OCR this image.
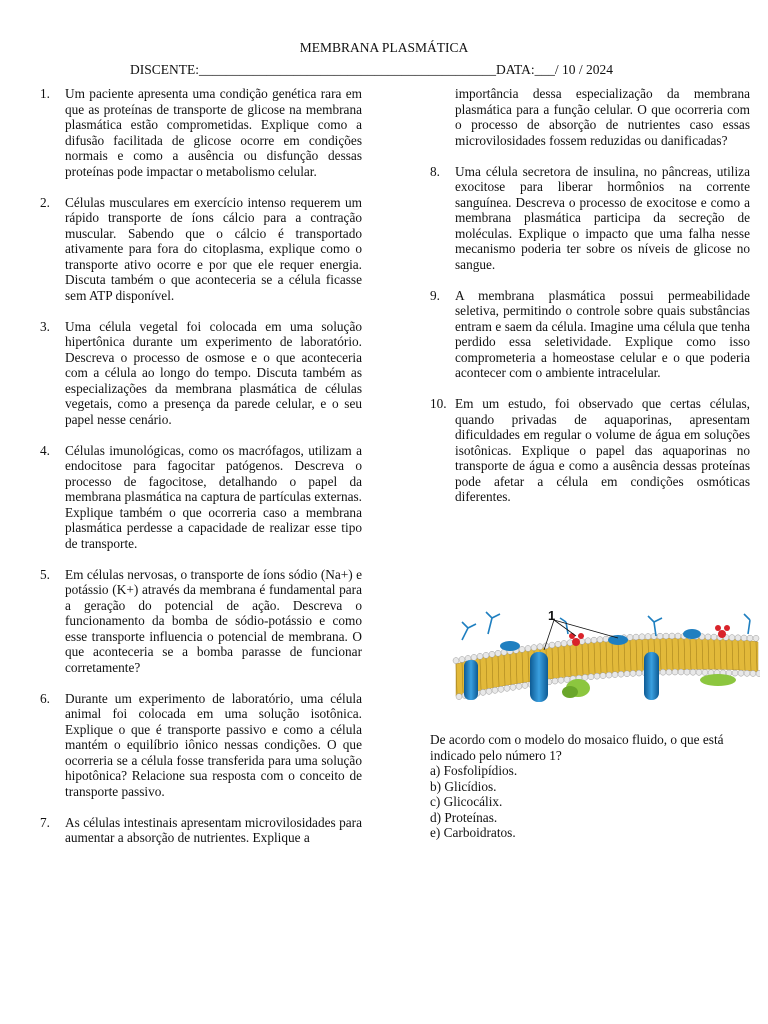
MEMBRANA PLASMÁTICA
DISCENTE:____________________________________________DATA:___/ 10 / 2024

1. Um paciente apresenta uma condição genética rara em que as proteínas de transporte de glicose na membrana plasmática estão comprometidas. Explique como a difusão facilitada de glicose ocorre em condições normais e como a ausência ou disfunção dessas proteínas pode impactar o metabolismo celular.

2. Células musculares em exercício intenso requerem um rápido transporte de íons cálcio para a contração muscular. Sabendo que o cálcio é transportado ativamente para fora do citoplasma, explique como o transporte ativo ocorre e por que ele requer energia. Discuta também o que aconteceria se a célula ficasse sem ATP disponível.

3. Uma célula vegetal foi colocada em uma solução hipertônica durante um experimento de laboratório. Descreva o processo de osmose e o que aconteceria com a célula ao longo do tempo. Discuta também as especializações da membrana plasmática de células vegetais, como a presença da parede celular, e o seu papel nesse cenário.

4. Células imunológicas, como os macrófagos, utilizam a endocitose para fagocitar patógenos. Descreva o processo de fagocitose, detalhando o papel da membrana plasmática na captura de partículas externas. Explique também o que ocorreria caso a membrana plasmática perdesse a capacidade de realizar esse tipo de transporte.

5. Em células nervosas, o transporte de íons sódio (Na+) e potássio (K+) através da membrana é fundamental para a geração do potencial de ação. Descreva o funcionamento da bomba de sódio-potássio e como esse transporte influencia o potencial de membrana. O que aconteceria se a bomba parasse de funcionar corretamente?

6. Durante um experimento de laboratório, uma célula animal foi colocada em uma solução isotônica. Explique o que é transporte passivo e como a célula mantém o equilíbrio iônico nessas condições. O que ocorreria se a célula fosse transferida para uma solução hipotônica? Relacione sua resposta com o conceito de transporte passivo.

7. As células intestinais apresentam microvilosidades para aumentar a absorção de nutrientes. Explique a

importância dessa especialização da membrana plasmática para a função celular. O que ocorreria com o processo de absorção de nutrientes caso essas microvilosidades fossem reduzidas ou danificadas?

8. Uma célula secretora de insulina, no pâncreas, utiliza exocitose para liberar hormônios na corrente sanguínea. Descreva o processo de exocitose e como a membrana plasmática participa da secreção de moléculas. Explique o impacto que uma falha nesse mecanismo poderia ter sobre os níveis de glicose no sangue.

9. A membrana plasmática possui permeabilidade seletiva, permitindo o controle sobre quais substâncias entram e saem da célula. Imagine uma célula que tenha perdido essa seletividade. Explique como isso comprometeria a homeostase celular e o que poderia acontecer com o ambiente intracelular.

10. Em um estudo, foi observado que certas células, quando privadas de aquaporinas, apresentam dificuldades em regular o volume de água em soluções isotônicas. Explique o papel das aquaporinas no transporte de água e como a ausência dessas proteínas pode afetar a célula em condições osmóticas diferentes.

1
De acordo com o modelo do mosaico fluido, o que está indicado pelo número 1?
a) Fosfolipídios.
b) Glicídios.
c) Glicocálix.
d) Proteínas.
e) Carboidratos.
